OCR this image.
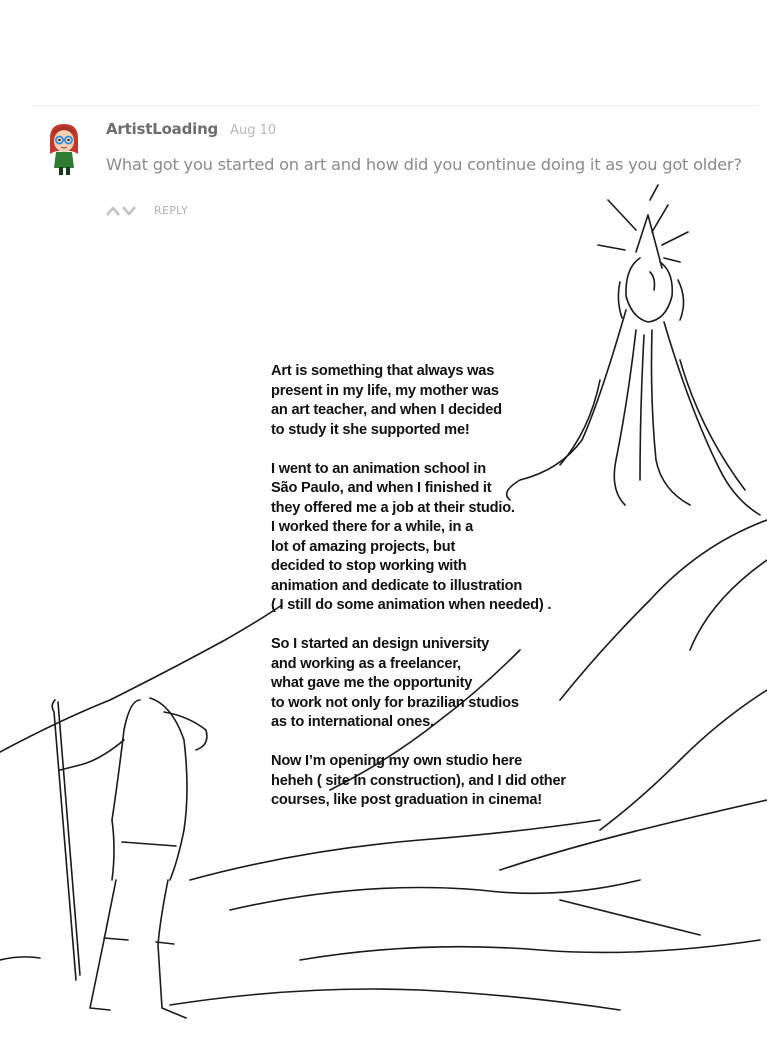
ArtistLoading Aug 10
What got you started on art and how did you continue doing it as you got older?
REPLY

Art is something that always was
present in my life, my mother was
an art teacher, and when I decided
to study it she supported me!

I went to an animation school in
São Paulo, and when I finished it
they offered me a job at their studio.
I worked there for a while, in a
lot of amazing projects, but
decided to stop working with
animation and dedicate to illustration
( I still do some animation when needed) .

So I started an design university
and working as a freelancer,
what gave me the opportunity
to work not only for brazilian studios
as to international ones.

Now I’m opening my own studio here
heheh ( site in construction), and I did other
courses, like post graduation in cinema!
